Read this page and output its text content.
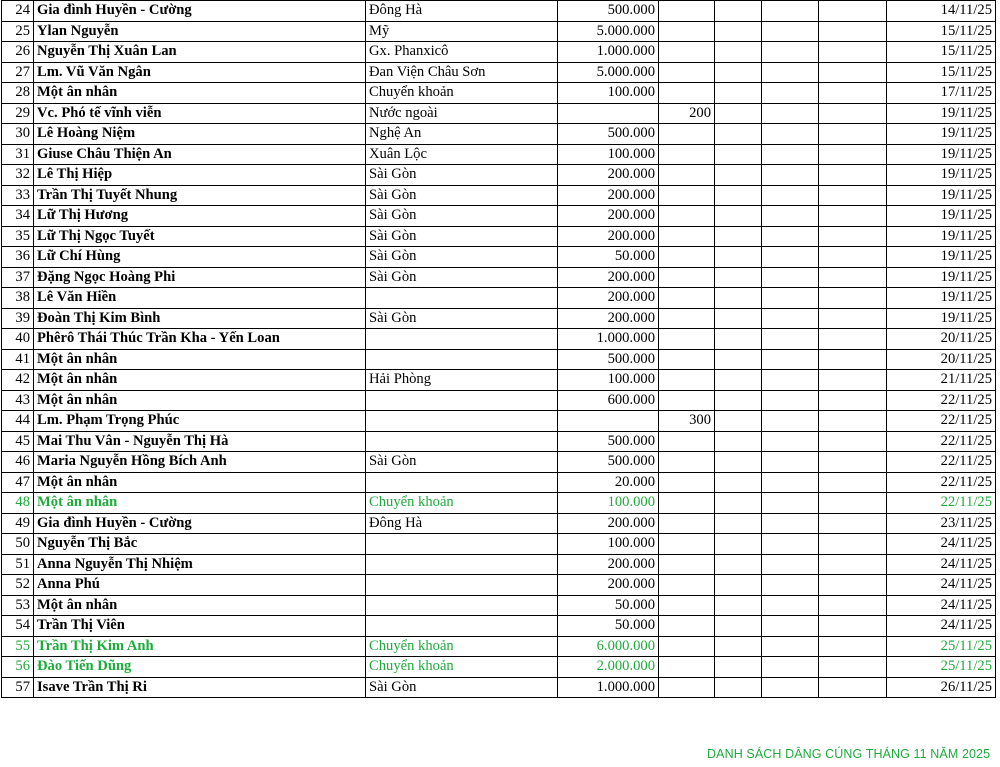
24	Gia đình Huyền - Cường	Đông Hà	500.000					14/11/25
25	Ylan Nguyễn	Mỹ	5.000.000					15/11/25
26	Nguyễn Thị Xuân Lan	Gx. Phanxicô	1.000.000					15/11/25
27	Lm. Vũ Văn Ngân	Đan Viện Châu Sơn	5.000.000					15/11/25
28	Một ân nhân	Chuyển khoản	100.000					17/11/25
29	Vc. Phó tế vĩnh viễn	Nước ngoài		200				19/11/25
30	Lê Hoàng Niệm	Nghệ An	500.000					19/11/25
31	Giuse Châu Thiện An	Xuân Lộc	100.000					19/11/25
32	Lê Thị Hiệp	Sài Gòn	200.000					19/11/25
33	Trần Thị Tuyết Nhung	Sài Gòn	200.000					19/11/25
34	Lữ Thị Hương	Sài Gòn	200.000					19/11/25
35	Lữ Thị Ngọc Tuyết	Sài Gòn	200.000					19/11/25
36	Lữ Chí Hùng	Sài Gòn	50.000					19/11/25
37	Đặng Ngọc Hoàng Phi	Sài Gòn	200.000					19/11/25
38	Lê Văn Hiền		200.000					19/11/25
39	Đoàn Thị Kim Bình	Sài Gòn	200.000					19/11/25
40	Phêrô Thái Thúc Trần Kha - Yến Loan		1.000.000					20/11/25
41	Một ân nhân		500.000					20/11/25
42	Một ân nhân	Hải Phòng	100.000					21/11/25
43	Một ân nhân		600.000					22/11/25
44	Lm. Phạm Trọng Phúc			300				22/11/25
45	Mai Thu Vân - Nguyễn Thị Hà		500.000					22/11/25
46	Maria Nguyễn Hồng Bích Anh	Sài Gòn	500.000					22/11/25
47	Một ân nhân		20.000					22/11/25
48	Một ân nhân	Chuyển khoản	100.000					22/11/25
49	Gia đình Huyền - Cường	Đông Hà	200.000					23/11/25
50	Nguyễn Thị Bắc		100.000					24/11/25
51	Anna Nguyễn Thị Nhiệm		200.000					24/11/25
52	Anna Phú		200.000					24/11/25
53	Một ân nhân		50.000					24/11/25
54	Trần Thị Viên		50.000					24/11/25
55	Trần Thị Kim Anh	Chuyển khoản	6.000.000					25/11/25
56	Đào Tiến Dũng	Chuyển khoản	2.000.000					25/11/25
57	Isave Trần Thị Ri	Sài Gòn	1.000.000					26/11/25
DANH SÁCH DÂNG CÚNG THÁNG 11 NĂM 2025
